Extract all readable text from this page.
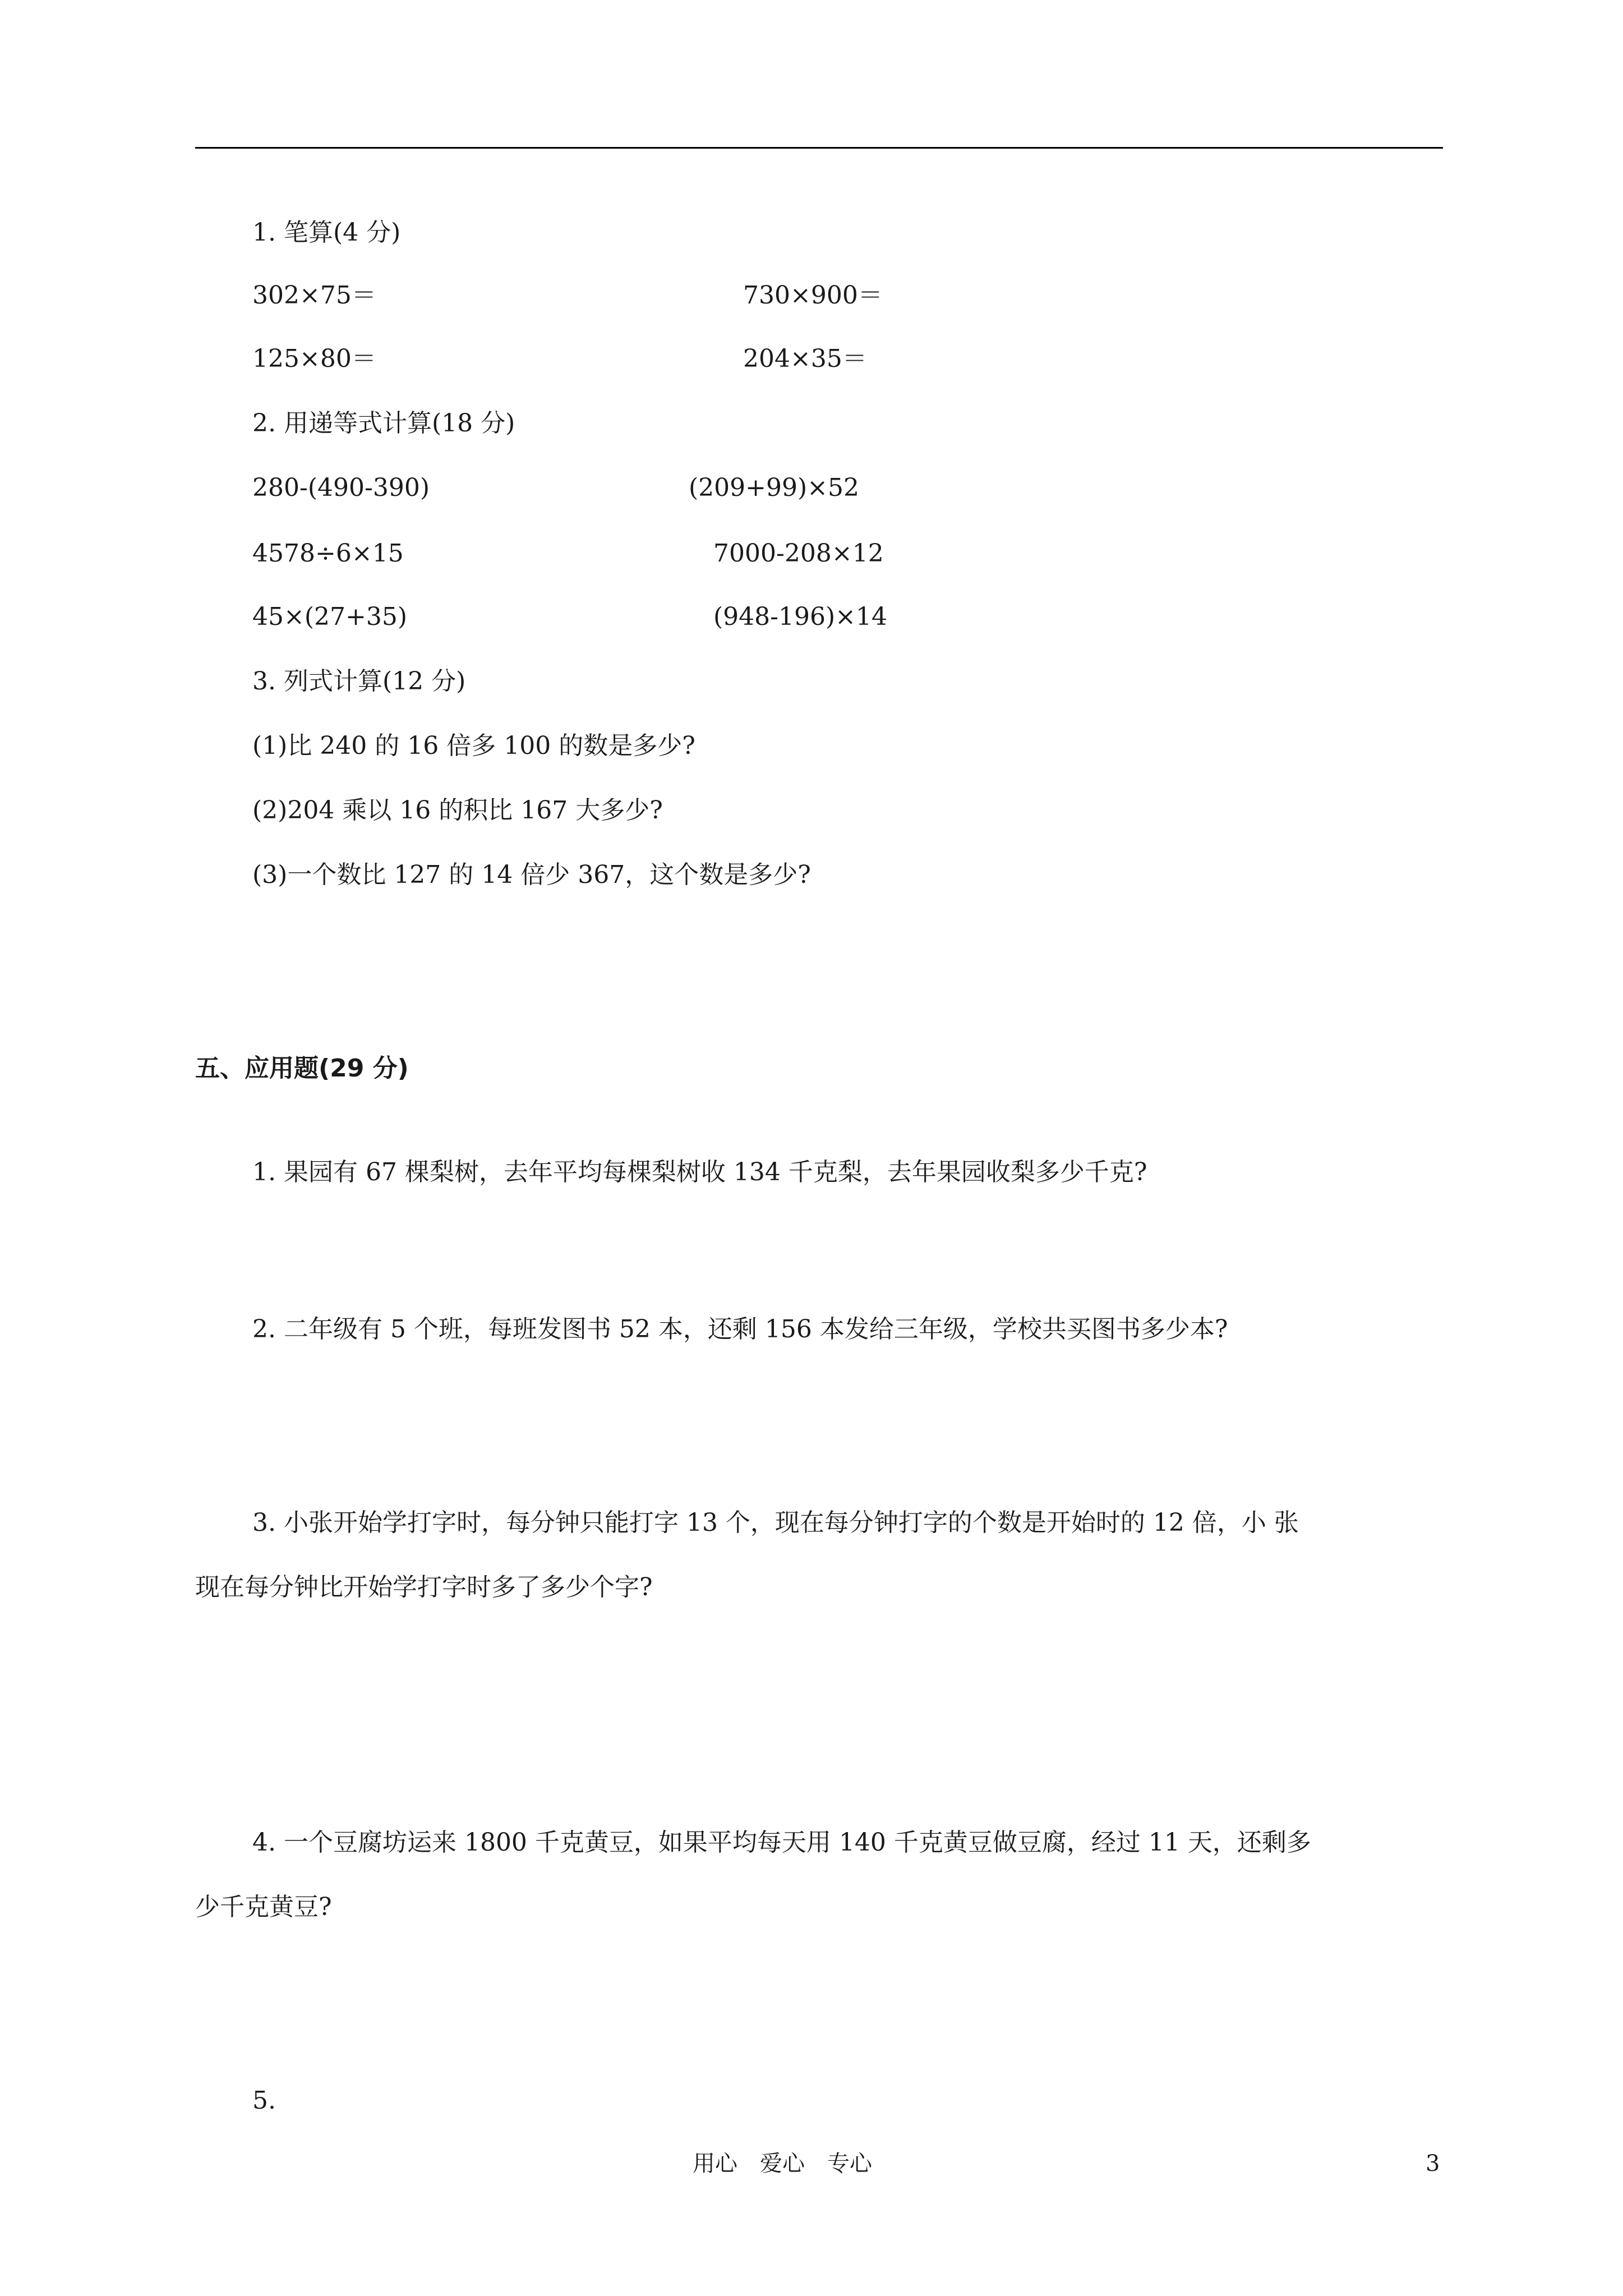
1. 笔算(4 分)
302×75＝	730×900＝
125×80＝	204×35＝
2. 用递等式计算(18 分)
280-(490-390)	(209+99)×52
4578÷6×15	7000-208×12
45×(27+35)	(948-196)×14
3. 列式计算(12 分)
(1)比 240 的 16 倍多 100 的数是多少?
(2)204 乘以 16 的积比 167 大多少?
(3)一个数比 127 的 14 倍少 367，这个数是多少?
五、应用题(29 分)
1. 果园有 67 棵梨树，去年平均每棵梨树收 134 千克梨，去年果园收梨多少千克?
2. 二年级有 5 个班，每班发图书 52 本，还剩 156 本发给三年级，学校共买图书多少本?
3. 小张开始学打字时，每分钟只能打字 13 个，现在每分钟打字的个数是开始时的 12 倍，小 张
现在每分钟比开始学打字时多了多少个字?
4. 一个豆腐坊运来 1800 千克黄豆，如果平均每天用 140 千克黄豆做豆腐，经过 11 天，还剩多
少千克黄豆?
5.
用心　爱心　专心	3
